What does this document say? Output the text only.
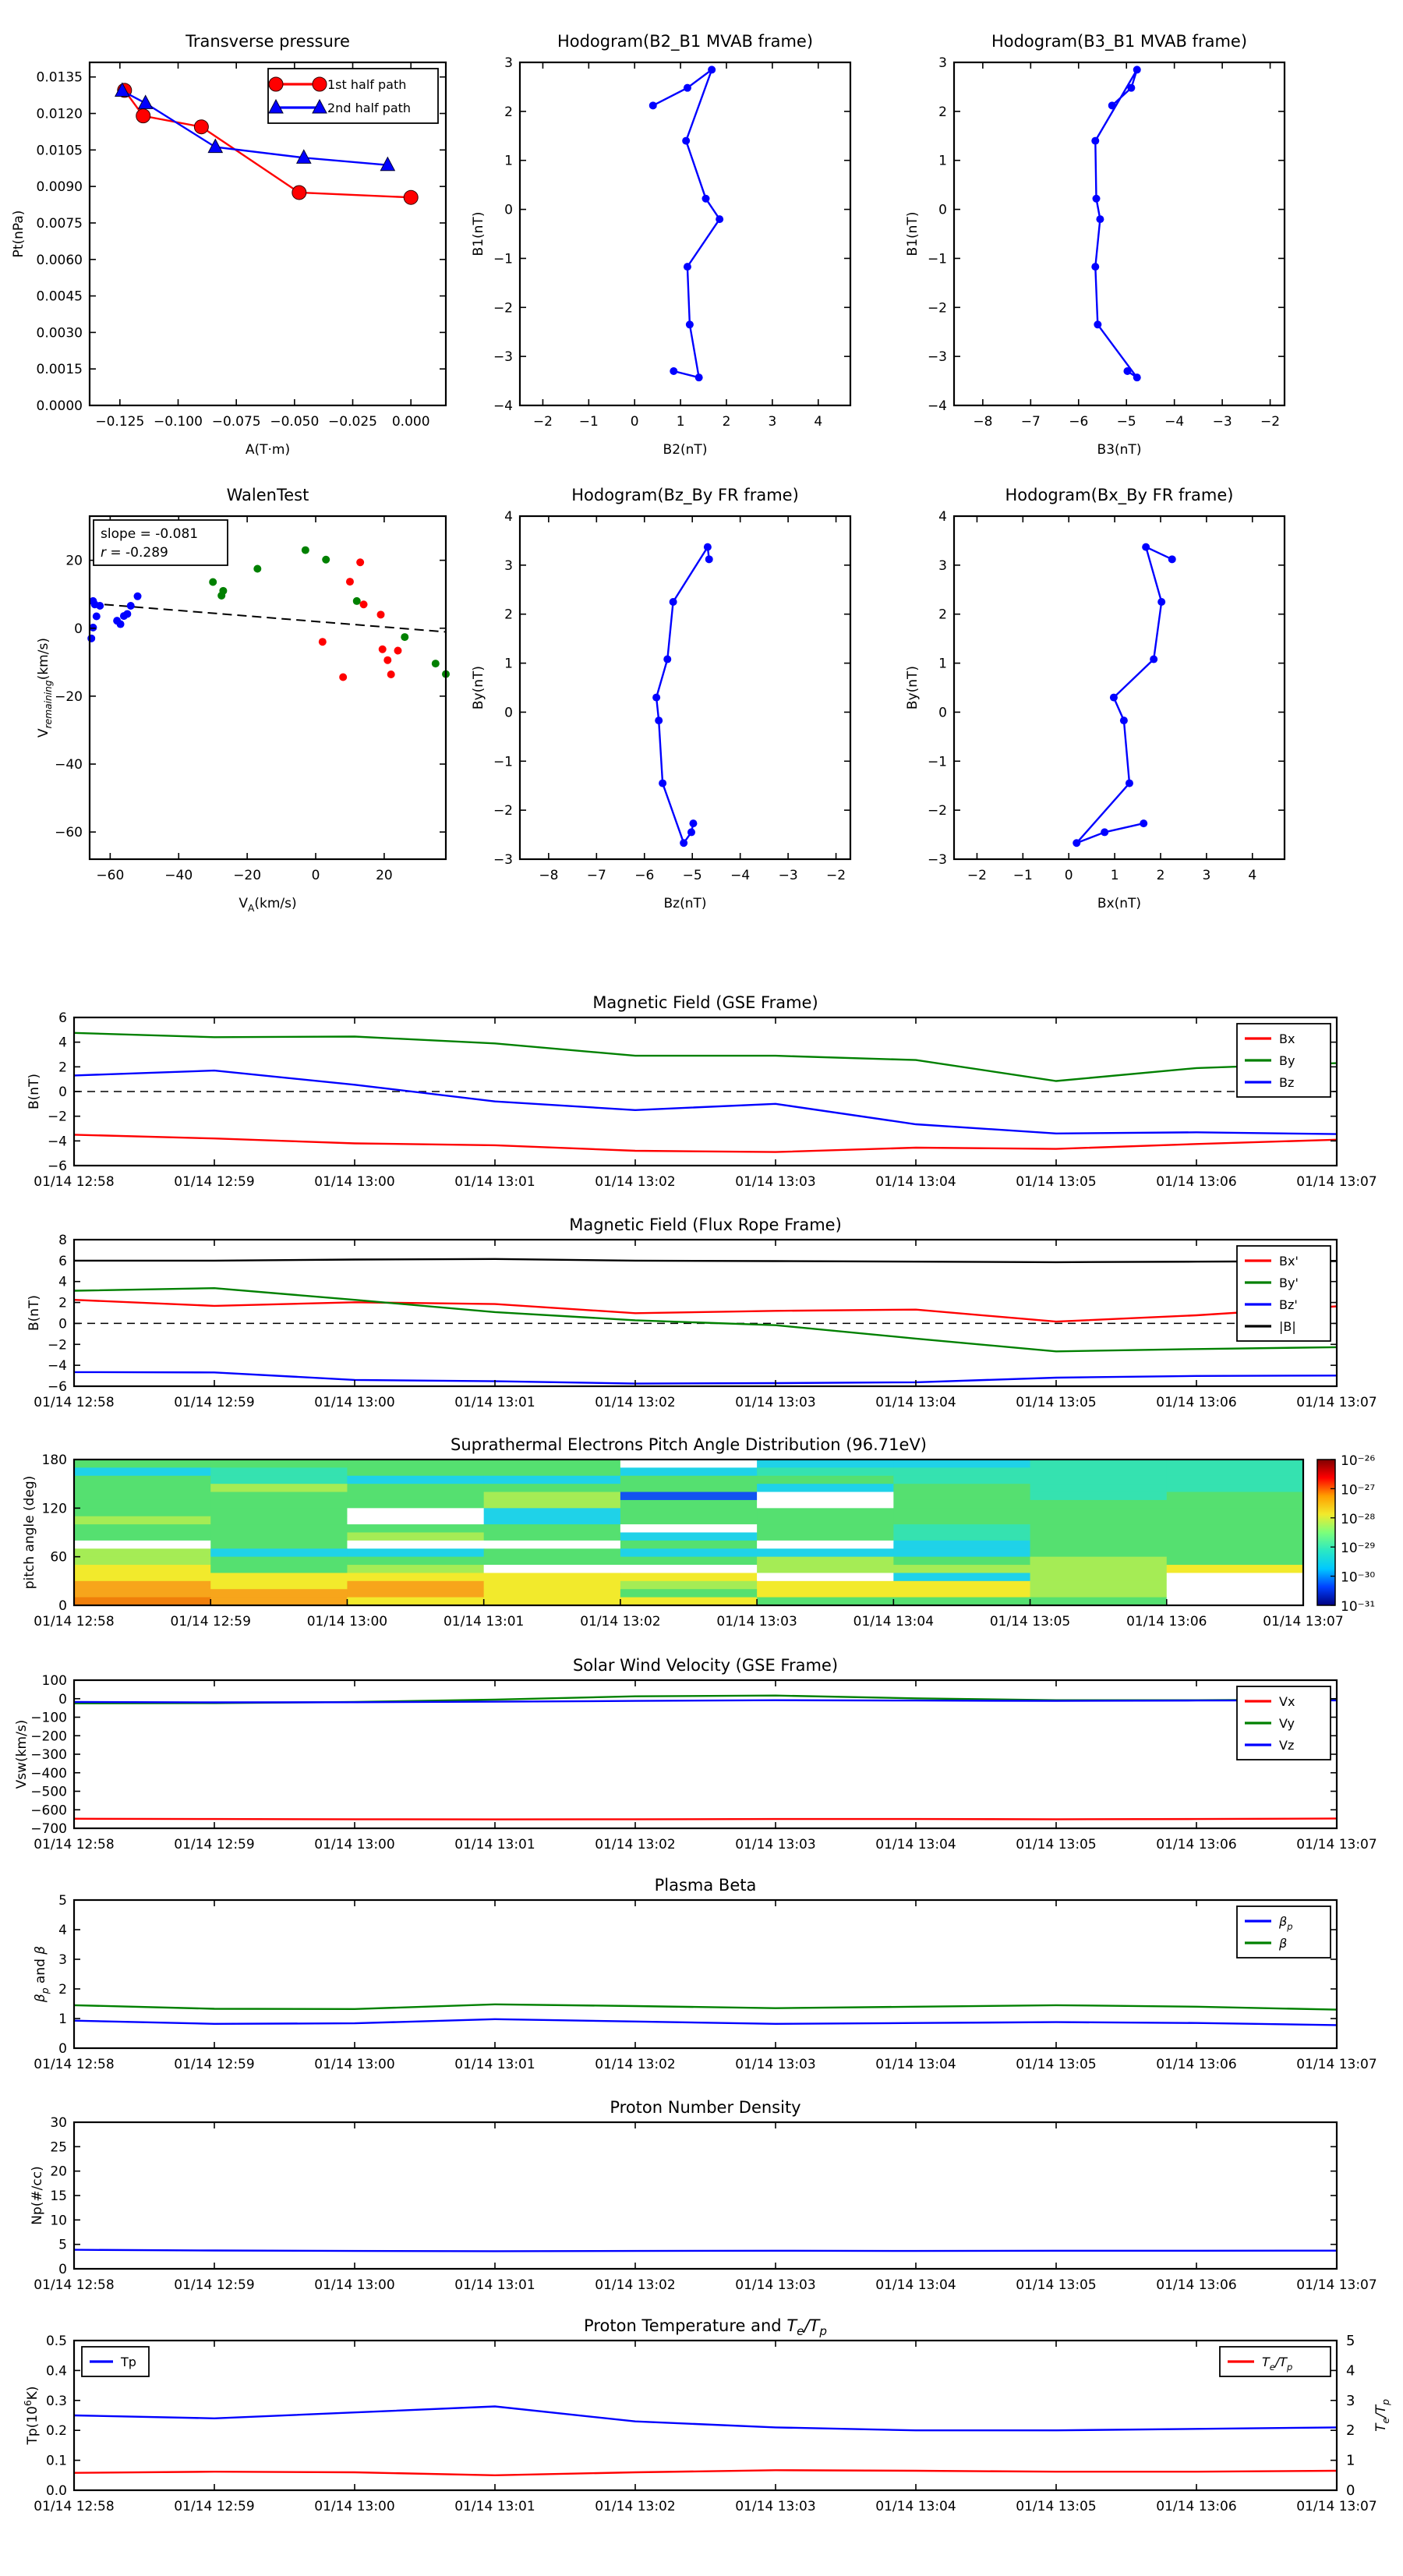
Transverse pressure
−0.125 −0.100 −0.075 −0.050 −0.025 0.000
0.0000
0.0015
0.0030
0.0045
0.0060
0.0075
0.0090
0.0105
0.0120
0.0135
A(T·m)
Pt(nPa)
1st half path
2nd half path
Hodogram(B2_B1 MVAB frame)
−2 −1 0	1	2	3	4
−4
−3
−2
−1
0
1
2
3
B2(nT)
B1(nT)
Hodogram(B3_B1 MVAB frame)
−8 −7 −6 −5 −4 −3 −2
−4
−3
−2
−1
0
1
2
3
B3(nT)
B1(nT)
WalenTest
−60	−40	−20	0	20
−60
−40
−20
0
20
$V_A(km/s)$
$V_{remaining}(km/s)$
slope = -0.081
r = -0.289
Hodogram(Bz_By FR frame)
−8 −7 −6 −5 −4 −3 −2
−3
−2
−1
0
1
2
3
4
Bz(nT)
By(nT)
Hodogram(Bx_By FR frame)
−2 −1 0	1	2	3	4
−3
−2
−1
0
1
2
3
4
Bx(nT)
By(nT)
Magnetic Field (GSE Frame)
01/14 12:58	01/14 12:59	01/14 13:00	01/14 13:01	01/14 13:02	01/14 13:03	01/14 13:04	01/14 13:05	01/14 13:06	01/14 13:07
−6
−4
−2
0
2
4
6
B(nT)
Bx
By
Bz
Magnetic Field (Flux Rope Frame)
01/14 12:58	01/14 12:59	01/14 13:00	01/14 13:01	01/14 13:02	01/14 13:03	01/14 13:04	01/14 13:05	01/14 13:06	01/14 13:07
−6
−4
−2
0
2
4
6
8
B(nT)
Bx'
By'
Bz'
|B|
Suprathermal Electrons Pitch Angle Distribution (96.71eV)
01/14 12:58	01/14 12:59	01/14 13:00	01/14 13:01	01/14 13:02	01/14 13:03	01/14 13:04	01/14 13:05	01/14 13:06	01/14 13:07
0
60
120
180
pitch angle (deg)
10⁻²⁶
10⁻²⁷
10⁻²⁸
10⁻²⁹
10⁻³⁰
10⁻³¹
Solar Wind Velocity (GSE Frame)
01/14 12:58	01/14 12:59	01/14 13:00	01/14 13:01	01/14 13:02	01/14 13:03	01/14 13:04	01/14 13:05	01/14 13:06	01/14 13:07
−700
−600
−500
−400
−300
−200
−100
0
100
Vsw(km/s)
Vx
Vy
Vz
Plasma Beta
01/14 12:58	01/14 12:59	01/14 13:00	01/14 13:01	01/14 13:02	01/14 13:03	01/14 13:04	01/14 13:05	01/14 13:06	01/14 13:07
0
1
2
3
4
5
$\beta_p$ and β
$\beta_p$
β
Proton Number Density
01/14 12:58	01/14 12:59	01/14 13:00	01/14 13:01	01/14 13:02	01/14 13:03	01/14 13:04	01/14 13:05	01/14 13:06	01/14 13:07
0
5
10
15
20
25
30
Np(#/cc)
Proton Temperature and $T_e/T_p$
01/14 12:58	01/14 12:59	01/14 13:00	01/14 13:01	01/14 13:02	01/14 13:03	01/14 13:04	01/14 13:05	01/14 13:06	01/14 13:07
0.0
0.1
0.2
0.3
0.4
0.5
$Tp(10^6K)$
0
1
2
3
4
5
$T_e/T_p$
Tp	$T_e/T_p$
